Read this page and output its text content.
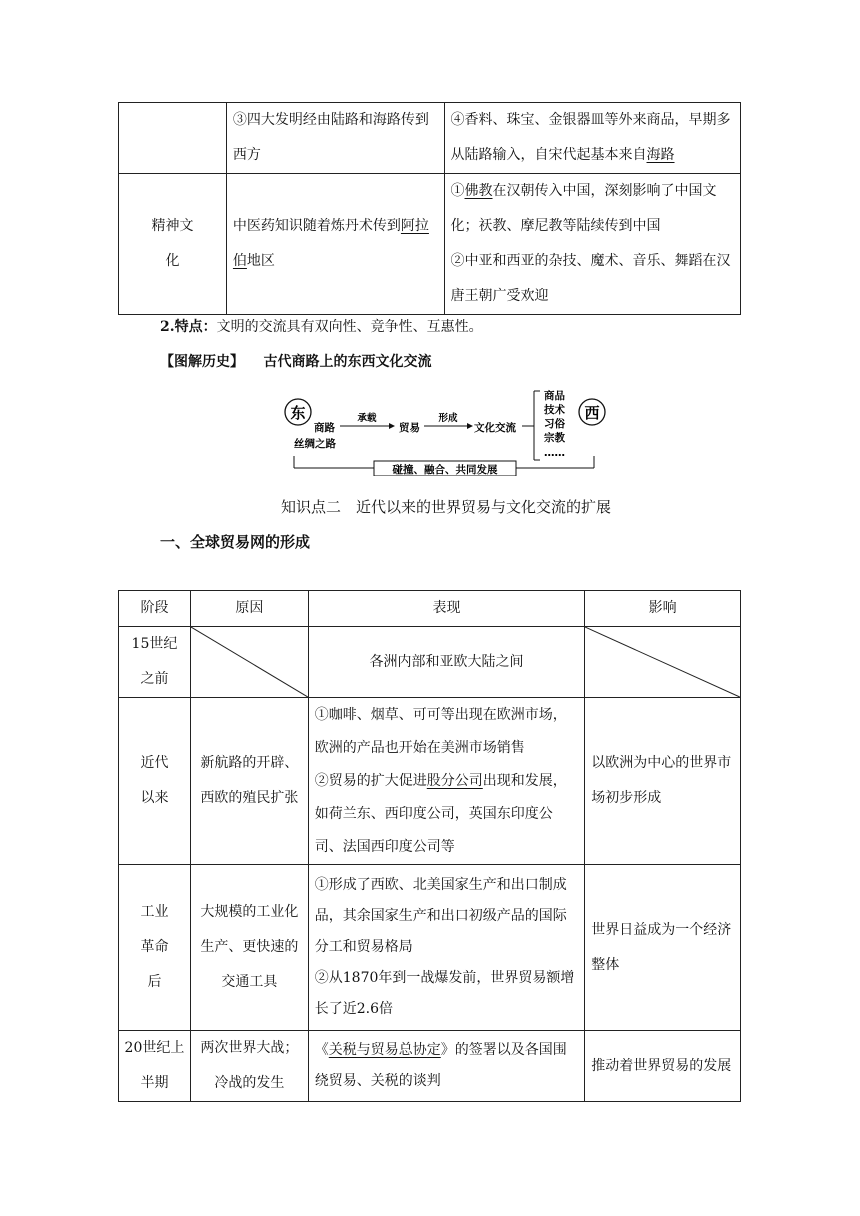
	③四大发明经由陆路和海路传到西方	④香料、珠宝、金银器皿等外来商品，早期多从陆路输入，自宋代起基本来自海路
精神文化	中医药知识随着炼丹术传到阿拉伯地区	①佛教在汉朝传入中国，深刻影响了中国文化；祆教、摩尼教等陆续传到中国
②中亚和西亚的杂技、魔术、音乐、舞蹈在汉唐王朝广受欢迎

2.特点：文明的交流具有双向性、竞争性、互惠性。

【图解历史】 古代商路上的东西文化交流

东	西
商路
丝绸之路
承载
贸易
形成
文化交流
商品
技术
习俗
宗教
……
碰撞、融合、共同发展

知识点二　近代以来的世界贸易与文化交流的扩展

一、全球贸易网的形成

阶段	原因	表现	影响
15世纪之前		各洲内部和亚欧大陆之间	

近代以来	新航路的开辟、西欧的殖民扩张	①咖啡、烟草、可可等出现在欧洲市场，欧洲的产品也开始在美洲市场销售
②贸易的扩大促进股分公司出现和发展，如荷兰东、西印度公司，英国东印度公司、法国西印度公司等	以欧洲为中心的世界市场初步形成
工业革命后	大规模的工业化生产、更快速的交通工具	①形成了西欧、北美国家生产和出口制成品，其余国家生产和出口初级产品的国际分工和贸易格局
②从1870年到一战爆发前，世界贸易额增长了近2.6倍	世界日益成为一个经济整体
20世纪上半期	两次世界大战；冷战的发生	《关税与贸易总协定》的签署以及各国围绕贸易、关税的谈判	推动着世界贸易的发展
